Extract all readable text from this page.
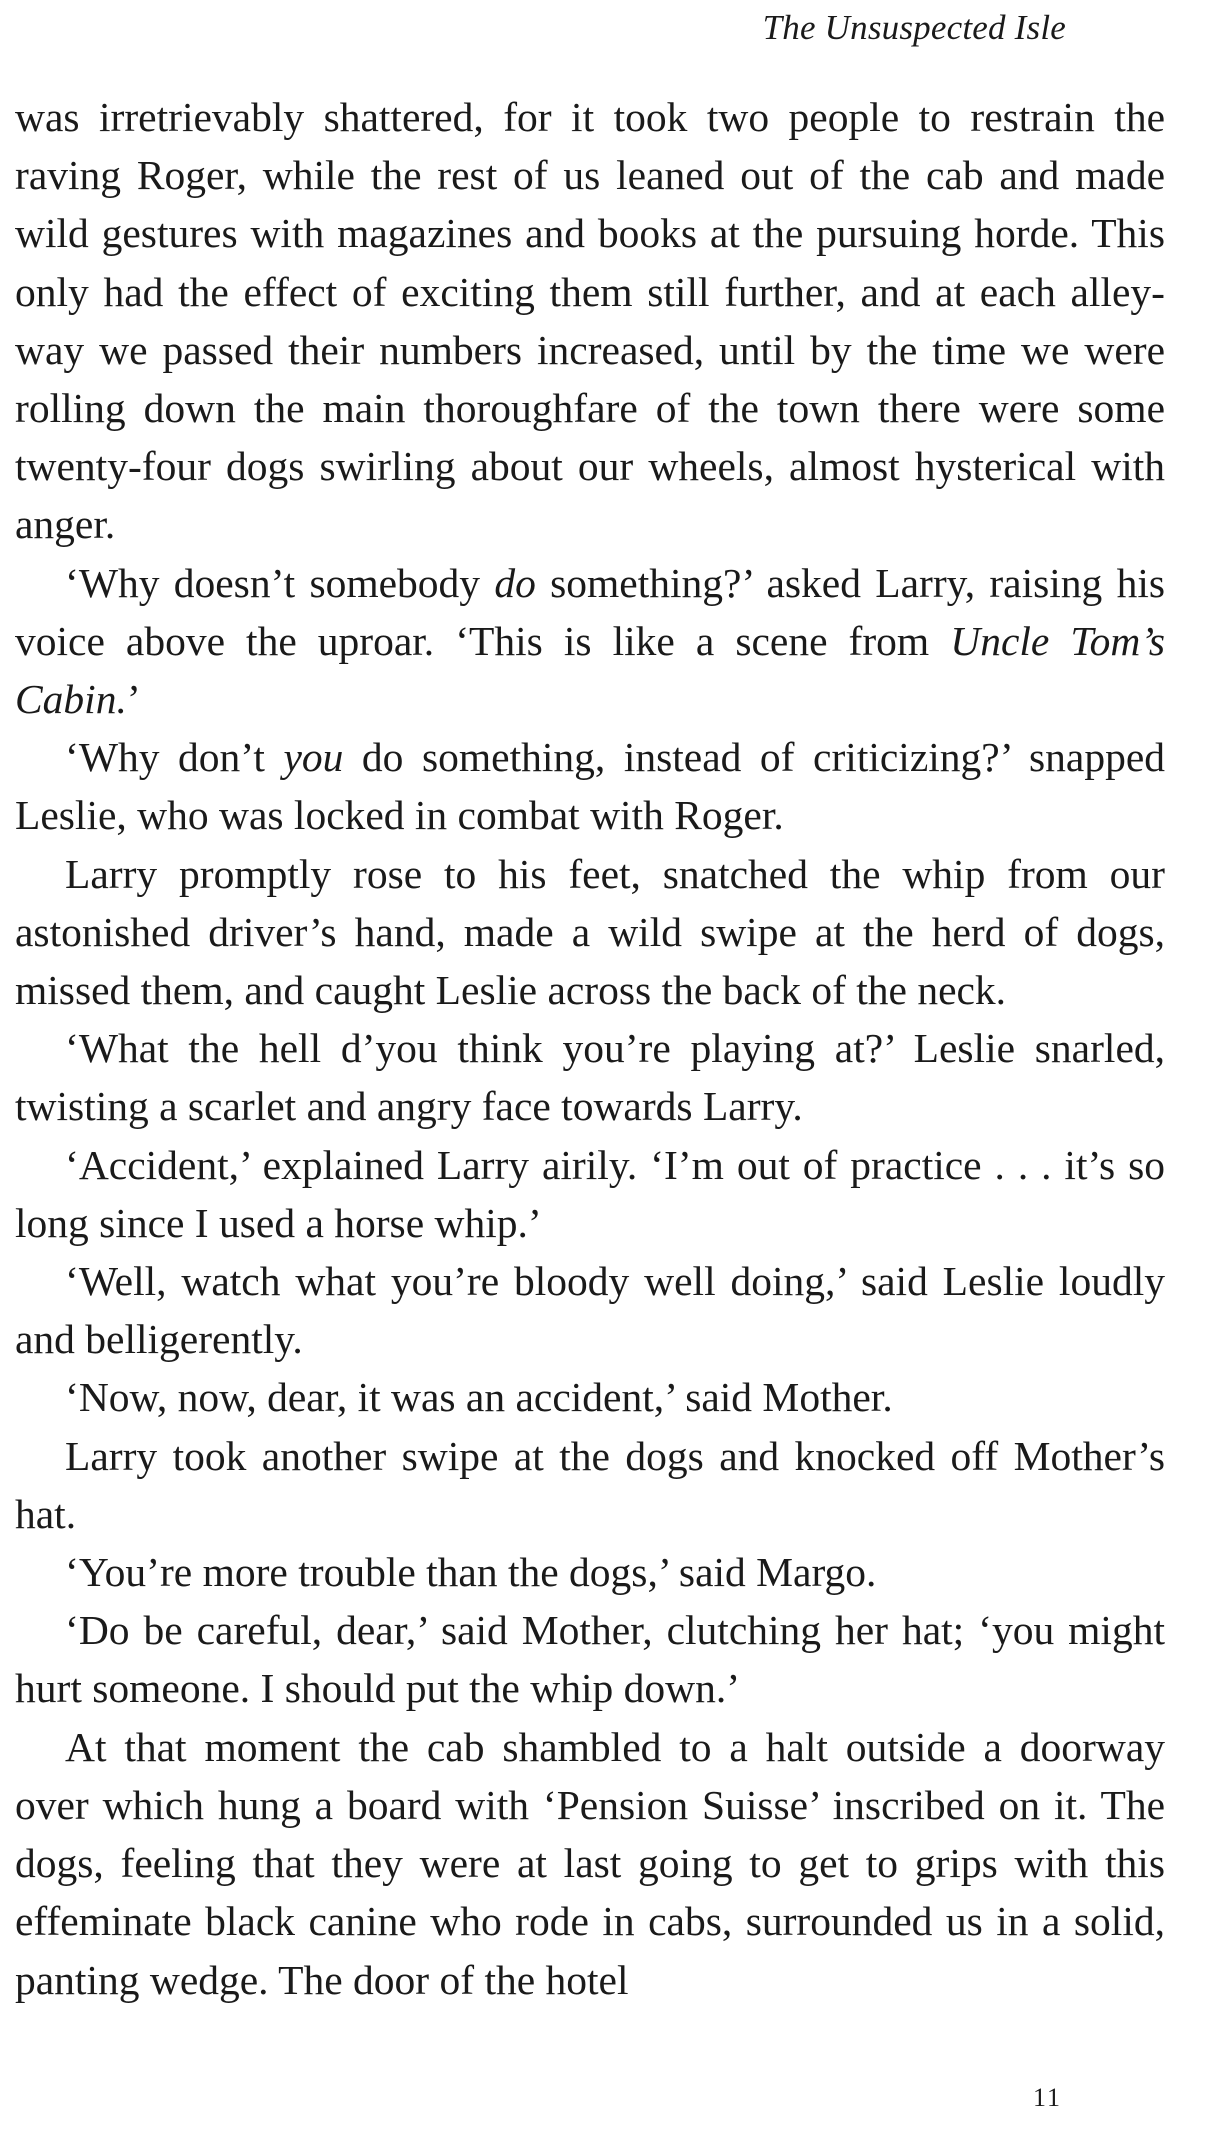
The Unsuspected Isle

was irretrievably shattered, for it took two people to restrain the raving Roger, while the rest of us leaned out of the cab and made wild gestures with magazines and books at the pursuing horde. This only had the effect of exciting them still further, and at each alley-way we passed their numbers increased, until by the time we were rolling down the main thoroughfare of the town there were some twenty-four dogs swirling about our wheels, almost hysterical with anger.

‘Why doesn’t somebody do something?’ asked Larry, raising his voice above the uproar. ‘This is like a scene from Uncle Tom’s Cabin.’

‘Why don’t you do something, instead of criticizing?’ snapped Leslie, who was locked in combat with Roger.

Larry promptly rose to his feet, snatched the whip from our astonished driver’s hand, made a wild swipe at the herd of dogs, missed them, and caught Leslie across the back of the neck.

‘What the hell d’you think you’re playing at?’ Leslie snarled, twisting a scarlet and angry face towards Larry.

‘Accident,’ explained Larry airily. ‘I’m out of practice . . . it’s so long since I used a horse whip.’

‘Well, watch what you’re bloody well doing,’ said Leslie loudly and belligerently.

‘Now, now, dear, it was an accident,’ said Mother.

Larry took another swipe at the dogs and knocked off Mother’s hat.

‘You’re more trouble than the dogs,’ said Margo.

‘Do be careful, dear,’ said Mother, clutching her hat; ‘you might hurt someone. I should put the whip down.’

At that moment the cab shambled to a halt outside a doorway over which hung a board with ‘Pension Suisse’ inscribed on it. The dogs, feeling that they were at last going to get to grips with this effeminate black canine who rode in cabs, surrounded us in a solid, panting wedge. The door of the hotel

11
